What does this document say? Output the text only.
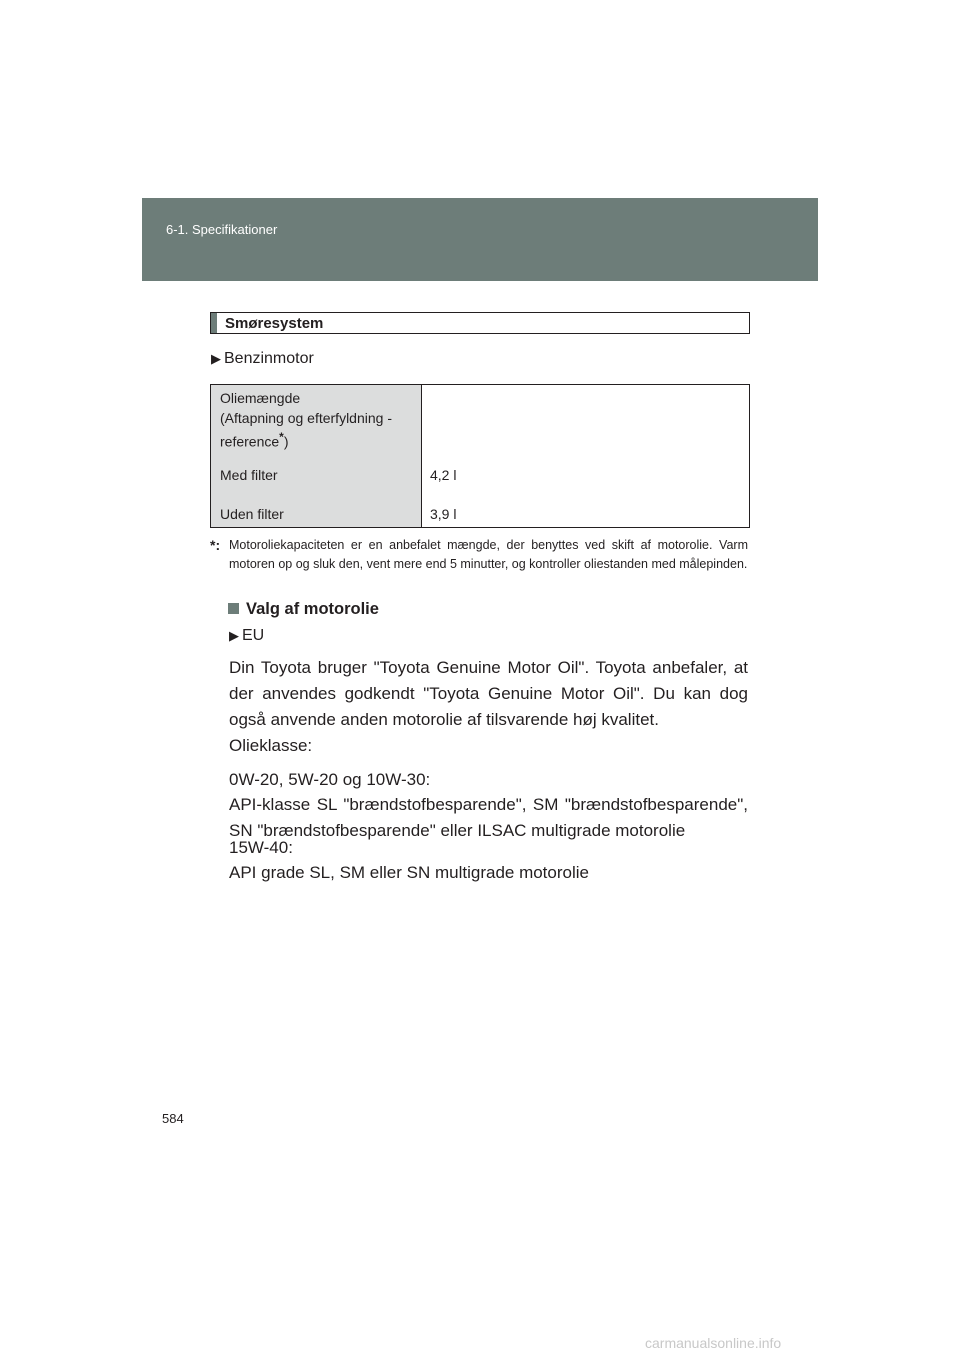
6-1. Specifikationer
Smøresystem
▶ Benzinmotor
Oliemængde
(Aftapning og efterfyldning -
reference*)
Med filter
Uden filter
4,2 l
3,9 l
*: Motoroliekapaciteten er en anbefalet mængde, der benyttes ved skift af motorolie. Varm motoren op og sluk den, vent mere end 5 minutter, og kontroller oliestanden med målepinden.
Valg af motorolie
▶ EU
Din Toyota bruger "Toyota Genuine Motor Oil". Toyota anbefaler, at der anvendes godkendt "Toyota Genuine Motor Oil". Du kan dog også anvende anden motorolie af tilsvarende høj kvalitet.
Olieklasse:
0W-20, 5W-20 og 10W-30:
API-klasse SL "brændstofbesparende", SM "brændstofbesparende", SN "brændstofbesparende" eller ILSAC multigrade motorolie
15W-40:
API grade SL, SM eller SN multigrade motorolie
584
carmanualsonline.info
